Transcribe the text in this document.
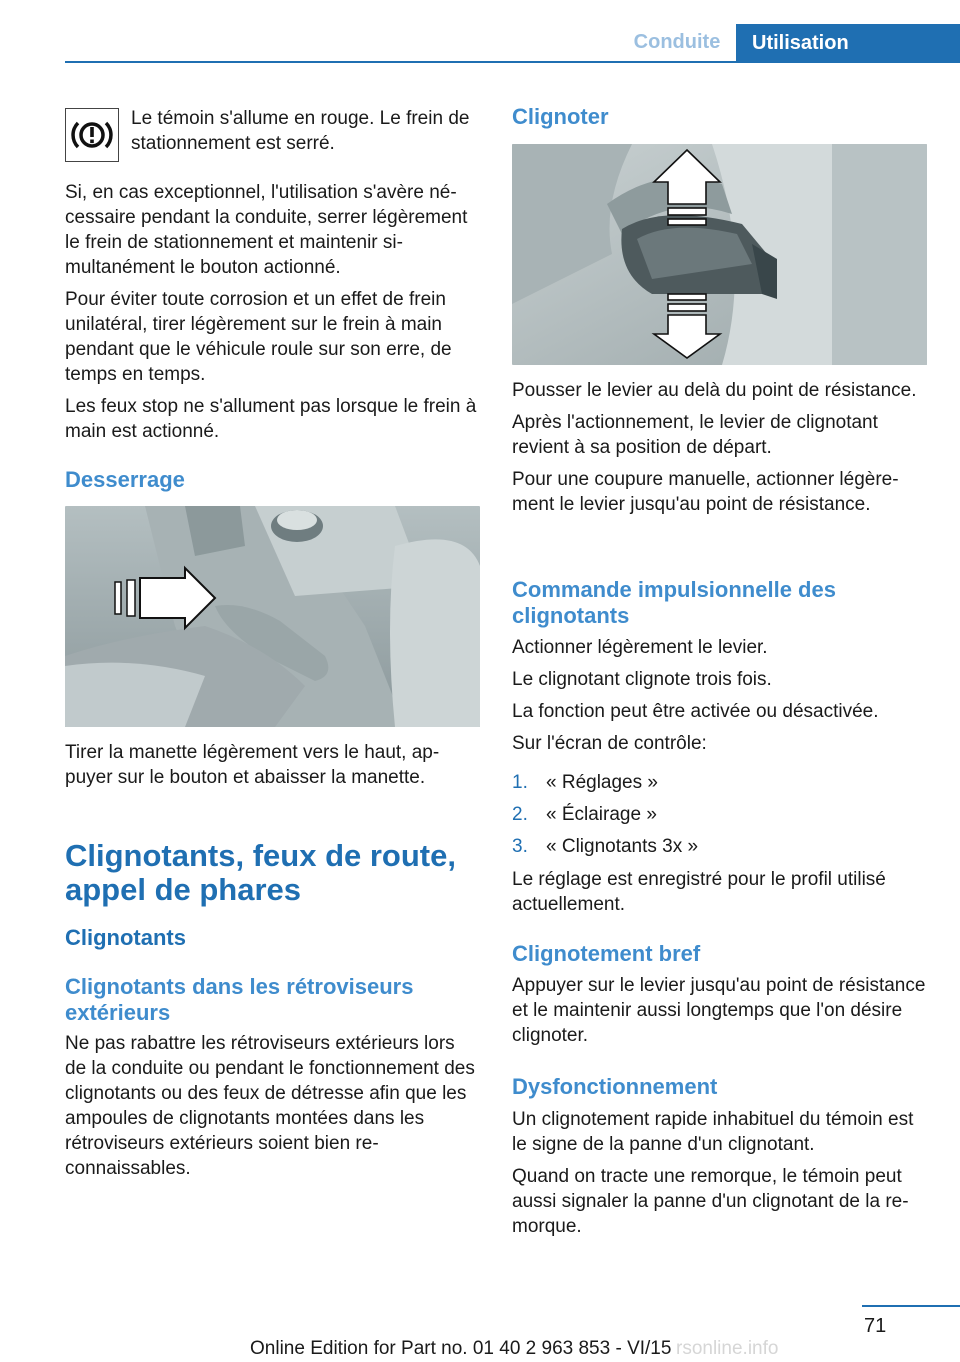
Conduite	Utilisation

Le témoin s'allume en rouge. Le frein de stationnement est serré.

Si, en cas exceptionnel, l'utilisation s'avère nécessaire pendant la conduite, serrer légèrement le frein de stationnement et maintenir simultanément le bouton actionné.

Pour éviter toute corrosion et un effet de frein unilatéral, tirer légèrement sur le frein à main pendant que le véhicule roule sur son erre, de temps en temps.

Les feux stop ne s'allument pas lorsque le frein à main est actionné.

Desserrage

Tirer la manette légèrement vers le haut, appuyer sur le bouton et abaisser la manette.

Clignotants, feux de route, appel de phares
Clignotants
Clignotants dans les rétroviseurs extérieurs

Ne pas rabattre les rétroviseurs extérieurs lors de la conduite ou pendant le fonctionnement des clignotants ou des feux de détresse afin que les ampoules de clignotants montées dans les rétroviseurs extérieurs soient bien reconnaissables.

Clignoter

Pousser le levier au delà du point de résistance.

Après l'actionnement, le levier de clignotant revient à sa position de départ.

Pour une coupure manuelle, actionner légèrement le levier jusqu'au point de résistance.

Commande impulsionnelle des clignotants

Actionner légèrement le levier.

Le clignotant clignote trois fois.

La fonction peut être activée ou désactivée.

Sur l'écran de contrôle:

1. « Réglages »
2. « Éclairage »
3. « Clignotants 3x »

Le réglage est enregistré pour le profil utilisé actuellement.

Clignotement bref

Appuyer sur le levier jusqu'au point de résistance et le maintenir aussi longtemps que l'on désire clignoter.

Dysfonctionnement

Un clignotement rapide inhabituel du témoin est le signe de la panne d'un clignotant.

Quand on tracte une remorque, le témoin peut aussi signaler la panne d'un clignotant de la remorque.

71
Online Edition for Part no. 01 40 2 963 853 - VI/15 rsonline.info
